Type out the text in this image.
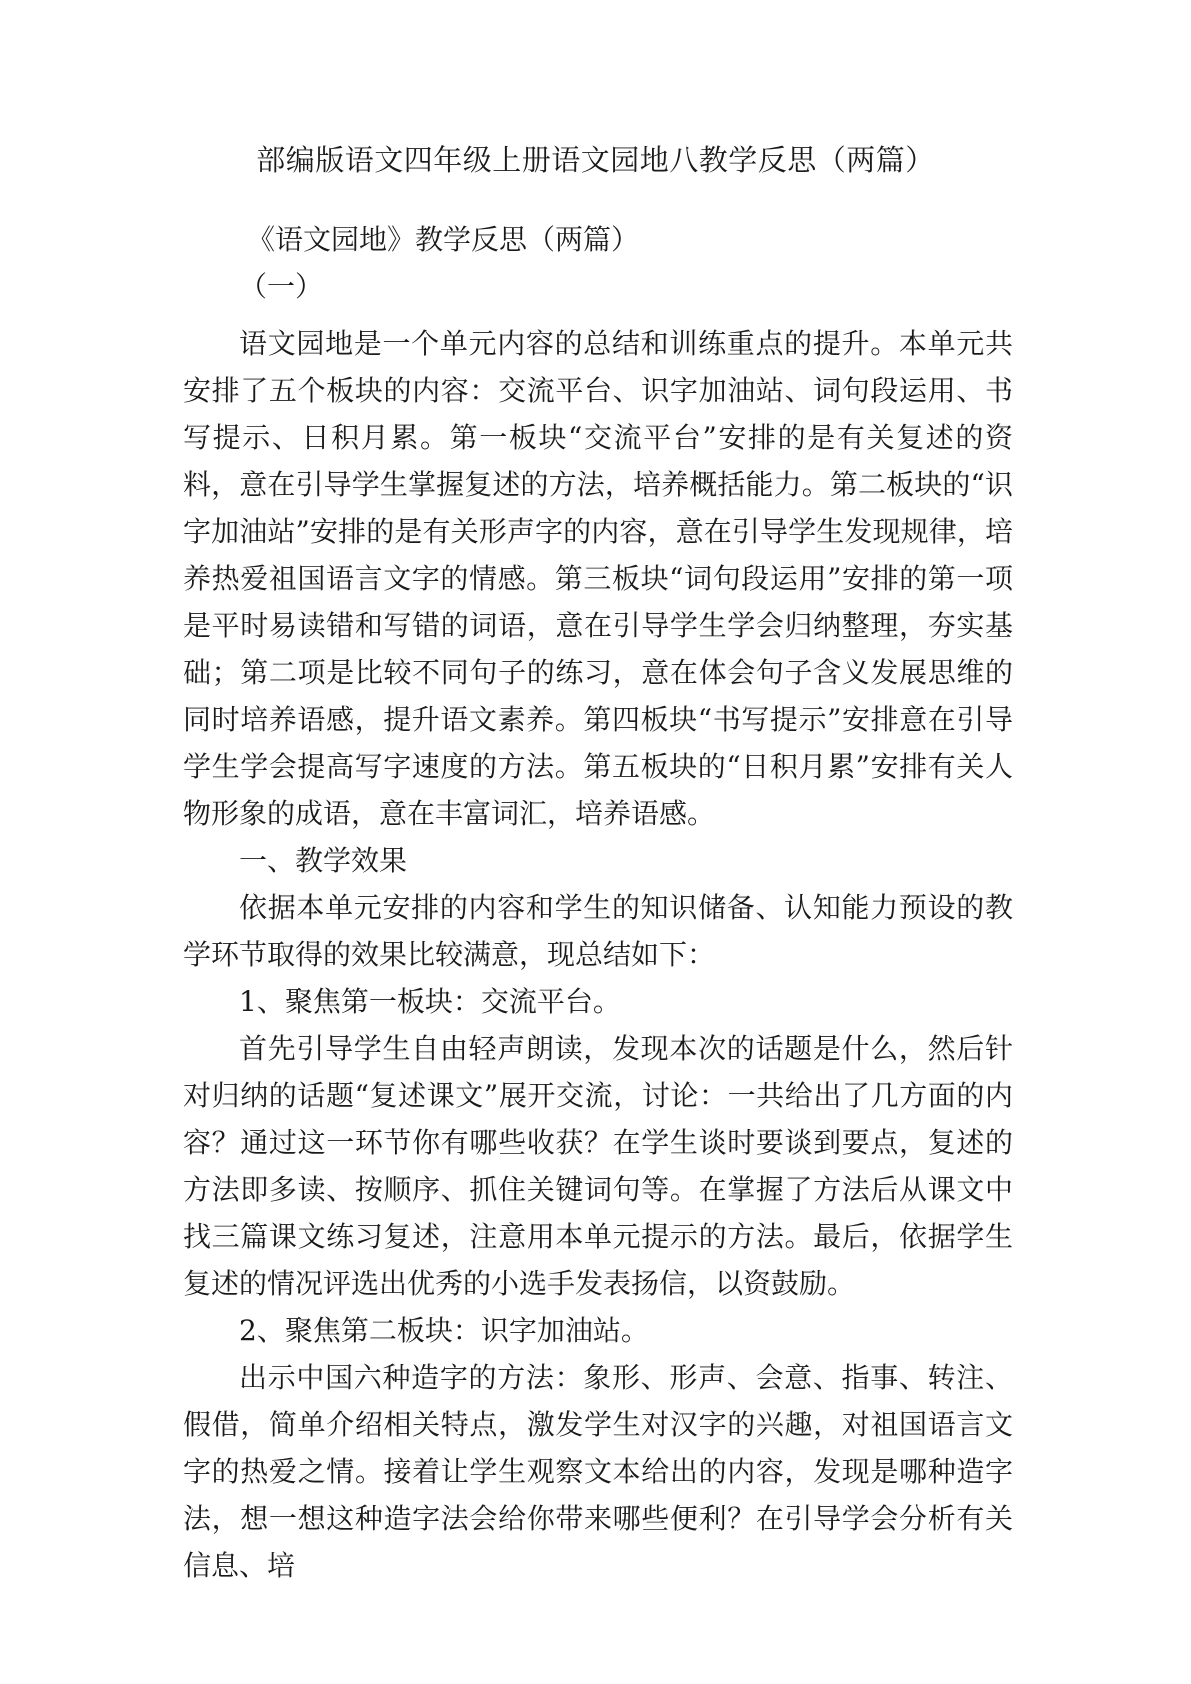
部编版语文四年级上册语文园地八教学反思（两篇）

《语文园地》教学反思（两篇）

（一）

语文园地是一个单元内容的总结和训练重点的提升。本单元共安排了五个板块的内容：交流平台、识字加油站、词句段运用、书写提示、日积月累。第一板块“交流平台”安排的是有关复述的资料，意在引导学生掌握复述的方法，培养概括能力。第二板块的“识字加油站”安排的是有关形声字的内容，意在引导学生发现规律，培养热爱祖国语言文字的情感。第三板块“词句段运用”安排的第一项是平时易读错和写错的词语，意在引导学生学会归纳整理，夯实基础；第二项是比较不同句子的练习，意在体会句子含义发展思维的同时培养语感，提升语文素养。第四板块“书写提示”安排意在引导学生学会提高写字速度的方法。第五板块的“日积月累”安排有关人物形象的成语，意在丰富词汇，培养语感。

一、教学效果

依据本单元安排的内容和学生的知识储备、认知能力预设的教学环节取得的效果比较满意，现总结如下：

1、聚焦第一板块：交流平台。

首先引导学生自由轻声朗读，发现本次的话题是什么，然后针对归纳的话题“复述课文”展开交流，讨论：一共给出了几方面的内容？通过这一环节你有哪些收获？在学生谈时要谈到要点，复述的方法即多读、按顺序、抓住关键词句等。在掌握了方法后从课文中找三篇课文练习复述，注意用本单元提示的方法。最后，依据学生复述的情况评选出优秀的小选手发表扬信，以资鼓励。

2、聚焦第二板块：识字加油站。

出示中国六种造字的方法：象形、形声、会意、指事、转注、假借，简单介绍相关特点，激发学生对汉字的兴趣，对祖国语言文字的热爱之情。接着让学生观察文本给出的内容，发现是哪种造字法，想一想这种造字法会给你带来哪些便利？在引导学会分析有关信息、培
